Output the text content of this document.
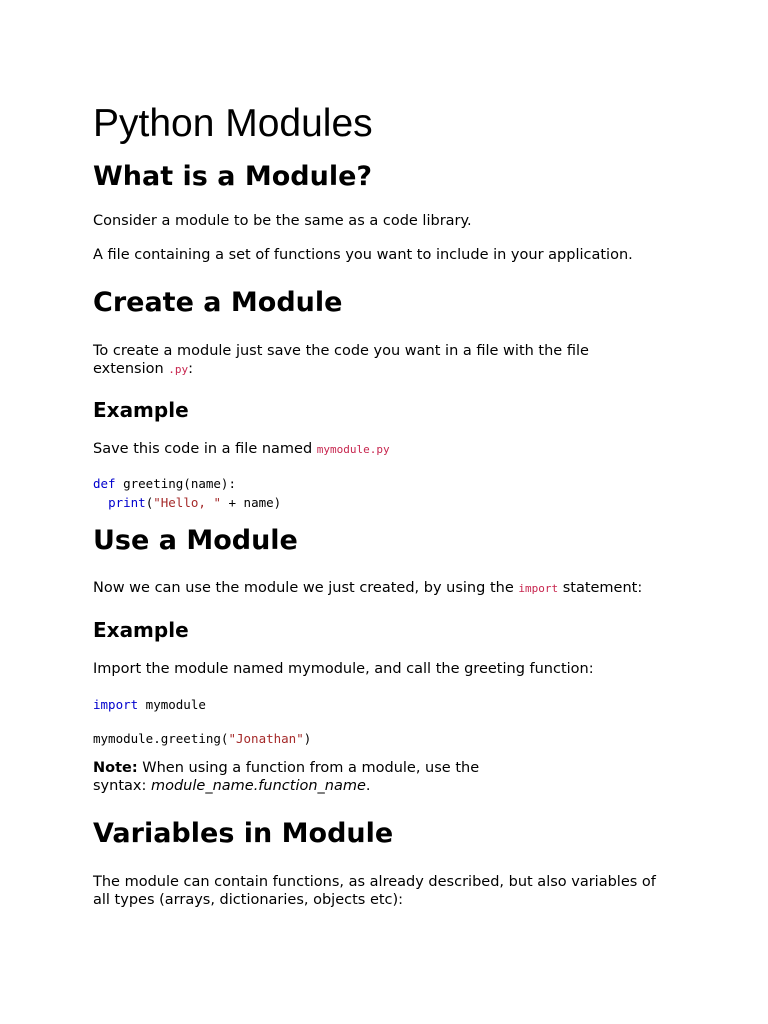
Python Modules
What is a Module?

Consider a module to be the same as a code library.

A file containing a set of functions you want to include in your application.

Create a Module

To create a module just save the code you want in a file with the file
extension .py:

Example

Save this code in a file named mymodule.py

def greeting(name):
print("Hello, " + name)
Use a Module

Now we can use the module we just created, by using the import statement:

Example

Import the module named mymodule, and call the greeting function:

import mymodule
mymodule.greeting("Jonathan")

Note: When using a function from a module, use the
syntax: module_name.function_name.

Variables in Module

The module can contain functions, as already described, but also variables of
all types (arrays, dictionaries, objects etc):
